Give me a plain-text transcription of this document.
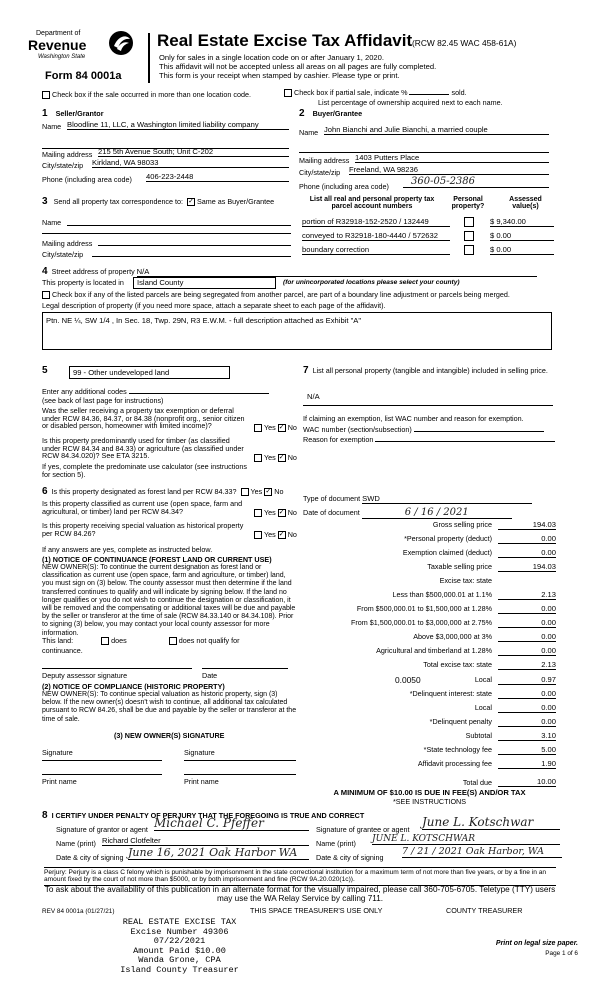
Department of
Revenue
Washington State
Form 84 0001a
Real Estate Excise Tax Affidavit (RCW 82.45 WAC 458-61A)
Only for sales in a single location code on or after January 1, 2020.
This affidavit will not be accepted unless all areas on all pages are fully completed.
This form is your receipt when stamped by cashier. Please type or print.
Check box if the sale occurred in more than one location code.	Check box if partial sale, indicate %	sold.
List percentage of ownership acquired next to each name.
1 Seller/Grantor
Name Bloodline 11, LLC, a Washington limited liability company
Mailing address 215 5th Avenue South; Unit C-202
City/state/zip Kirkland, WA 98033
Phone (including area code) 406-223-2448
2 Buyer/Grantee
Name John Bianchi and Julie Bianchi, a married couple
Mailing address 1403 Putters Place
City/state/zip Freeland, WA 98236
Phone (including area code)	360-05-2386
3 Send all property tax correspondence to: ✓ Same as Buyer/Grantee
Name
Mailing address
City/state/zip
List all real and personal property tax parcel account numbers
Personal property?
Assessed value(s)
portion of R32918-152-2520 / 132449	$ 9,340.00
conveyed to R32918-180-4440 / 572632	$ 0.00
boundary correction	$ 0.00
4 Street address of property N/A
This property is located in	Island County	(for unincorporated locations please select your county)
Check box if any of the listed parcels are being segregated from another parcel, are part of a boundary line adjustment or parcels being merged.
Legal description of property (if you need more space, attach a separate sheet to each page of the affidavit).
Ptn. NE ¼, SW 1/4 , In Sec. 18, Twp. 29N, R3 E.W.M. - full description attached as Exhibit "A"
5	99 - Other undeveloped land
Enter any additional codes
(see back of last page for instructions)
Was the seller receiving a property tax exemption or deferral under RCW 84.36, 84.37, or 84.38 (nonprofit org., senior citizen or disabled person, homeowner with limited income)?	Yes ✓ No
Is this property predominantly used for timber (as classified under RCW 84.34 and 84.33) or agriculture (as classified under RCW 84.34.020)? See ETA 3215.	Yes ✓ No
If yes, complete the predominate use calculator (see instructions for section 5).
6 Is this property designated as forest land per RCW 84.33? Yes ✓ No
Is this property classified as current use (open space, farm and agricultural, or timber) land per RCW 84.34?	Yes ✓ No
Is this property receiving special valuation as historical property per RCW 84.26?	Yes ✓ No
If any answers are yes, complete as instructed below.
(1) NOTICE OF CONTINUANCE (FOREST LAND OR CURRENT USE)
NEW OWNER(S): To continue the current designation as forest land or classification as current use (open space, farm and agriculture, or timber) land, you must sign on (3) below. The county assessor must then determine if the land transferred continues to qualify and will indicate by signing below. If the land no longer qualifies or you do not wish to continue the designation or classification, it will be removed and the compensating or additional taxes will be due and payable by the seller or transferor at the time of sale (RCW 84.33.140 or 84.34.108). Prior to signing (3) below, you may contact your local county assessor for more information.
This land:	does	does not qualify for
continuance.
Deputy assessor signature	Date
(2) NOTICE OF COMPLIANCE (HISTORIC PROPERTY)
NEW OWNER(S): To continue special valuation as historic property, sign (3) below. If the new owner(s) doesn't wish to continue, all additional tax calculated pursuant to RCW 84.26, shall be due and payable by the seller or transferor at the time of sale.
(3) NEW OWNER(S) SIGNATURE
Signature	Signature
Print name	Print name
7 List all personal property (tangible and intangible) included in selling price.
N/A
If claiming an exemption, list WAC number and reason for exemption.
WAC number (section/subsection)
Reason for exemption
Type of document SWD
Date of document	6 / 16 / 2021
Gross selling price	194.03
*Personal property (deduct)	0.00
Exemption claimed (deduct)	0.00
Taxable selling price	194.03
Excise tax: state
Less than $500,000.01 at 1.1%	2.13
From $500,000.01 to $1,500,000 at 1.28%	0.00
From $1,500,000.01 to $3,000,000 at 2.75%	0.00
Above $3,000,000 at 3%	0.00
Agricultural and timberland at 1.28%	0.00
Total excise tax: state	2.13
0.0050	Local	0.97
*Delinquent interest: state	0.00
Local	0.00
*Delinquent penalty	0.00
Subtotal	3.10
*State technology fee	5.00
Affidavit processing fee	1.90
Total due	10.00
A MINIMUM OF $10.00 IS DUE IN FEE(S) AND/OR TAX
*SEE INSTRUCTIONS
8 I CERTIFY UNDER PENALTY OF PERJURY THAT THE FOREGOING IS TRUE AND CORRECT
Signature of grantor or agent Michael C. Pfeffer
Name (print) Richard Clotfelter
Date & city of signing June 16, 2021 Oak Harbor WA
Signature of grantee or agent
June L. Kotschwar
Name (print) JUNE L. KOTSCHWAR
Date & city of signing
7 / 21 / 2021 Oak Harbor, WA
Perjury: Perjury is a class C felony which is punishable by imprisonment in the state correctional institution for a maximum term of not more than five years, or by a fine in an amount fixed by the court of not more than $5000, or by both imprisonment and fine (RCW 9A.20.020(1c)).
To ask about the availability of this publication in an alternate format for the visually impaired, please call 360-705-6705. Teletype (TTY) users may use the WA Relay Service by calling 711.
REV 84 0001a (01/27/21)	THIS SPACE TREASURER'S USE ONLY	COUNTY TREASURER
REAL ESTATE EXCISE TAX
Excise Number 49306
07/22/2021
Amount Paid $10.00
Wanda Grone, CPA
Island County Treasurer
Print on legal size paper.
Page 1 of 6
